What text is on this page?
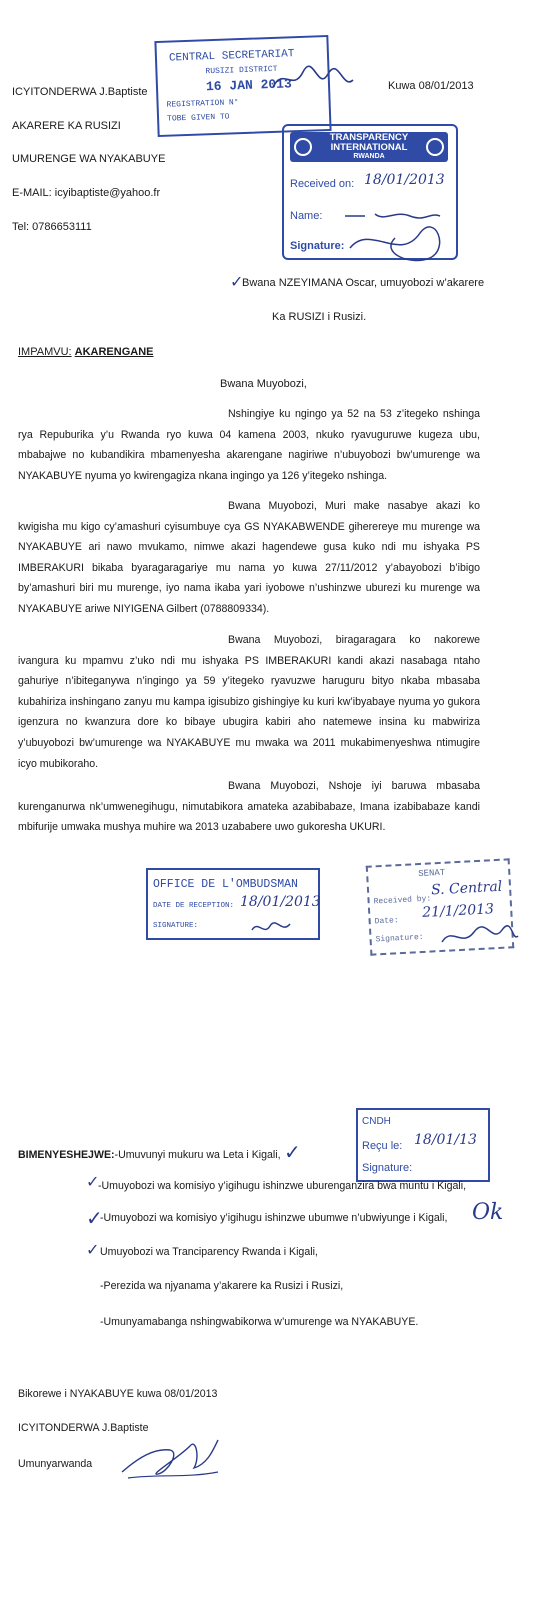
ICYITONDERWA J.Baptiste
AKARERE KA RUSIZI
UMURENGE WA NYAKABUYE
E-MAIL: icyibaptiste@yahoo.fr
Tel: 0786653111
Kuwa 08/01/2013
CENTRAL SECRETARIAT
RUSIZI DISTRICT
16 JAN 2013
REGISTRATION N°
TOBE GIVEN TO
TRANSPARENCY
INTERNATIONAL
RWANDA
Received on: 18/01/2013
Name:
Signature:
✓
Bwana NZEYIMANA Oscar, umuyobozi w’akarere
Ka RUSIZI i Rusizi.
IMPAMVU: AKARENGANE
Bwana Muyobozi,

Nshingiye ku ngingo ya 52 na 53 z’itegeko nshinga rya Repuburika y’u Rwanda ryo kuwa 04 kamena 2003, nkuko ryavuguruwe kugeza ubu, mbabajwe no kubandikira mbamenyesha akarengane nagiriwe n’ubuyobozi bw’umurenge wa NYAKABUYE nyuma yo kwirengagiza nkana ingingo ya 126 y’itegeko nshinga.

Bwana Muyobozi, Muri make nasabye akazi ko kwigisha mu kigo cy’amashuri cyisumbuye cya GS NYAKABWENDE giherereye mu murenge wa NYAKABUYE ari nawo mvukamo, nimwe akazi hagendewe gusa kuko ndi mu ishyaka PS IMBERAKURI bikaba byaragaragariye mu nama yo kuwa 27/11/2012 y’abayobozi b’ibigo by’amashuri biri mu murenge, iyo nama ikaba yari iyobowe n’ushinzwe uburezi ku murenge wa NYAKABUYE ariwe NIYIGENA Gilbert (0788809334).

Bwana Muyobozi, biragaragara ko nakorewe ivangura ku mpamvu z’uko ndi mu ishyaka PS IMBERAKURI kandi akazi nasabaga ntaho gahuriye n’ibiteganywa n’ingingo ya 59 y’itegeko ryavuzwe haruguru bityo nkaba mbasaba kubahiriza inshingano zanyu mu kampa igisubizo gishingiye ku kuri kw’ibyabaye nyuma yo gukora igenzura no kwanzura dore ko bibaye ubugira kabiri aho natemewe insina ku mabwiriza y’ubuyobozi bw’umurenge wa NYAKABUYE mu mwaka wa 2011 mukabimenyeshwa ntimugire icyo mubikoraho.

Bwana Muyobozi, Nshoje iyi baruwa mbasaba kurenganurwa nk’umwenegihugu, nimutabikora amateka azabibabaze, Imana izabibabaze kandi mbifurije umwaka mushya muhire wa 2013 uzababere uwo gukoresha UKURI.

OFFICE DE L'OMBUDSMAN
DATE DE RECEPTION: 18/01/2013
SIGNATURE:
SENAT
Received by:
S. Central
Date:
21/1/2013
Signature:
CNDH
Reçu le: 18/01/13
Signature:
BIMENYESHEJWE:-Umuvunyi mukuru wa Leta i Kigali, ✓
✓
-Umuyobozi wa komisiyo y’igihugu ishinzwe uburenganzira bwa muntu i Kigali,
✓
-Umuyobozi wa komisiyo y’igihugu ishinzwe ubumwe n’ubwiyunge i Kigali, Ok
✓ Umuyobozi wa Tranciparency Rwanda i Kigali,
-Perezida wa njyanama y’akarere ka Rusizi i Rusizi,
-Umunyamabanga nshingwabikorwa w’umurenge wa NYAKABUYE.
Bikorewe i NYAKABUYE kuwa 08/01/2013
ICYITONDERWA J.Baptiste
Umunyarwanda
